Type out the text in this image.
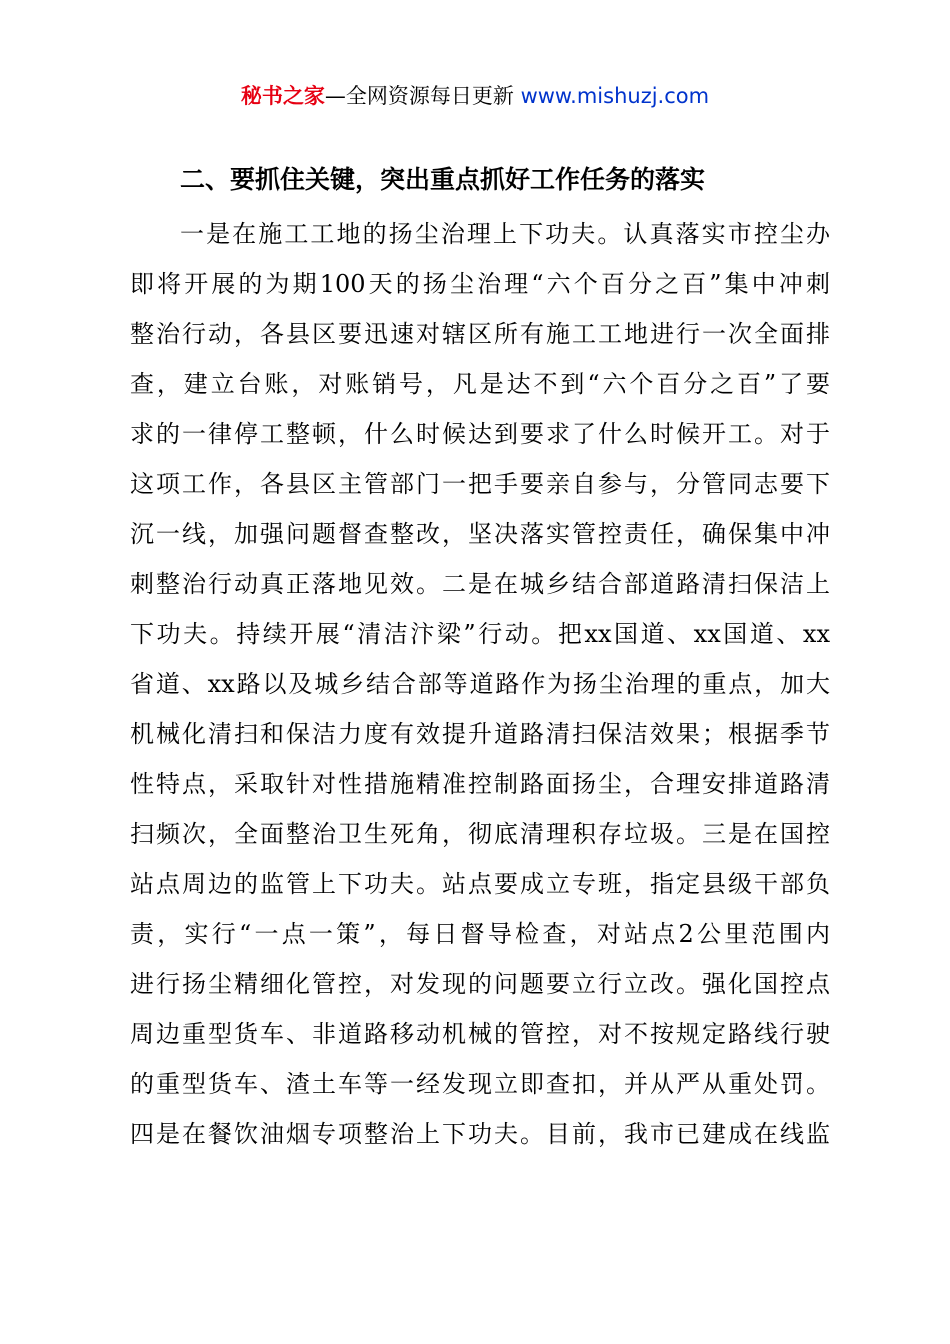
秘书之家—全网资源每日更新 www.mishuzj.com
二、要抓住关键，突出重点抓好工作任务的落实
一是在施工工地的扬尘治理上下功夫。认真落实市控尘办
即将开展的为期100天的扬尘治理“六个百分之百”集中冲刺
整治行动，各县区要迅速对辖区所有施工工地进行一次全面排
查，建立台账，对账销号，凡是达不到“六个百分之百”了要
求的一律停工整顿，什么时候达到要求了什么时候开工。对于
这项工作，各县区主管部门一把手要亲自参与，分管同志要下
沉一线，加强问题督查整改，坚决落实管控责任，确保集中冲
刺整治行动真正落地见效。二是在城乡结合部道路清扫保洁上
下功夫。持续开展“清洁汴梁”行动。把xx国道、xx国道、xx
省道、xx路以及城乡结合部等道路作为扬尘治理的重点，加大
机械化清扫和保洁力度有效提升道路清扫保洁效果；根据季节
性特点，采取针对性措施精准控制路面扬尘，合理安排道路清
扫频次，全面整治卫生死角，彻底清理积存垃圾。三是在国控
站点周边的监管上下功夫。站点要成立专班，指定县级干部负
责，实行“一点一策”，每日督导检查，对站点2公里范围内
进行扬尘精细化管控，对发现的问题要立行立改。强化国控点
周边重型货车、非道路移动机械的管控，对不按规定路线行驶
的重型货车、渣土车等一经发现立即查扣，并从严从重处罚。
四是在餐饮油烟专项整治上下功夫。目前，我市已建成在线监
